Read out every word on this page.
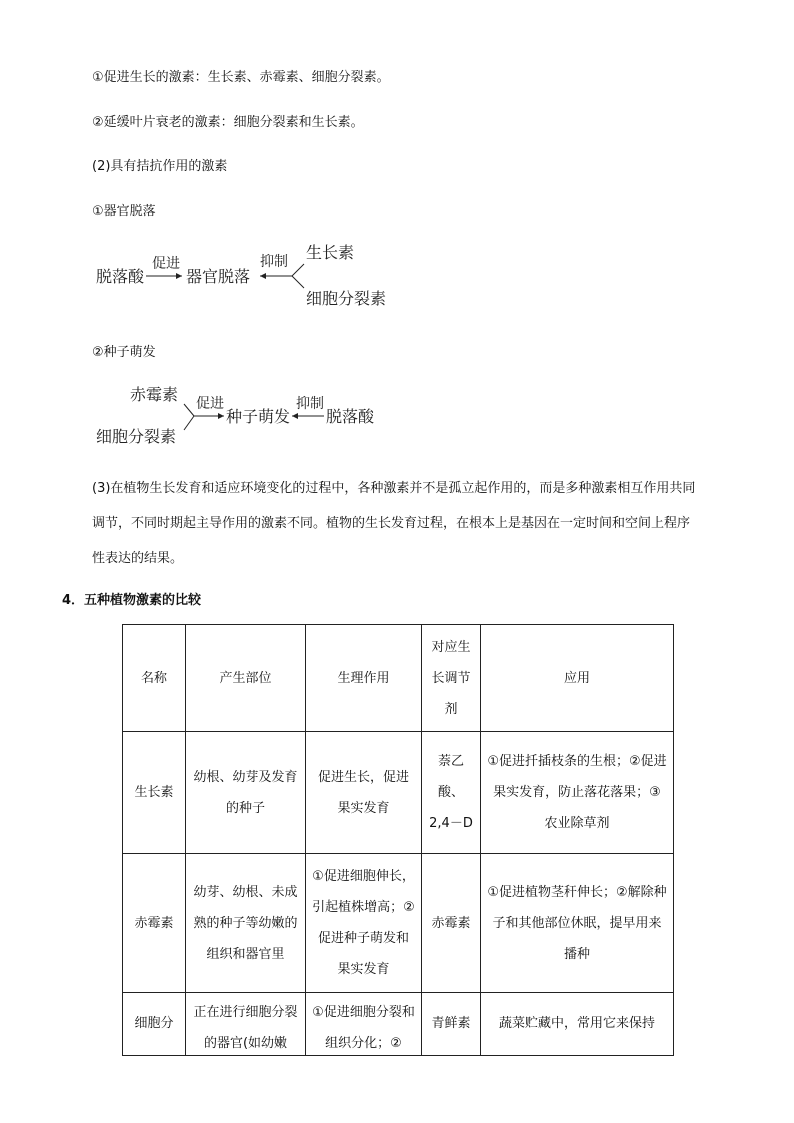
①促进生长的激素：生长素、赤霉素、细胞分裂素。
②延缓叶片衰老的激素：细胞分裂素和生长素。
(2)具有拮抗作用的激素
①器官脱落
脱落酸
促进
器官脱落
抑制 生长素
细胞分裂素
②种子萌发
赤霉素
细胞分裂素
促进
种子萌发
抑制
脱落酸
(3)在植物生长发育和适应环境变化的过程中，各种激素并不是孤立起作用的，而是多种激素相互作用共同调节，不同时期起主导作用的激素不同。植物的生长发育过程，在根本上是基因在一定时间和空间上程序性表达的结果。
4．五种植物激素的比较
名称	产生部位	生理作用	对应生长调节剂	应用
生长素	幼根、幼芽及发育的种子	促进生长，促进果实发育	萘乙酸、2,4－D	①促进扦插枝条的生根；②促进果实发育，防止落花落果；③农业除草剂
赤霉素	幼芽、幼根、未成熟的种子等幼嫩的组织和器官里	①促进细胞伸长，引起植株增高；②促进种子萌发和果实发育	赤霉素	①促进植物茎秆伸长；②解除种子和其他部位休眠，提早用来播种

细胞分	正在进行细胞分裂的器官(如幼嫩	①促进细胞分裂和组织分化；②	青鲜素	蔬菜贮藏中，常用它来保持
